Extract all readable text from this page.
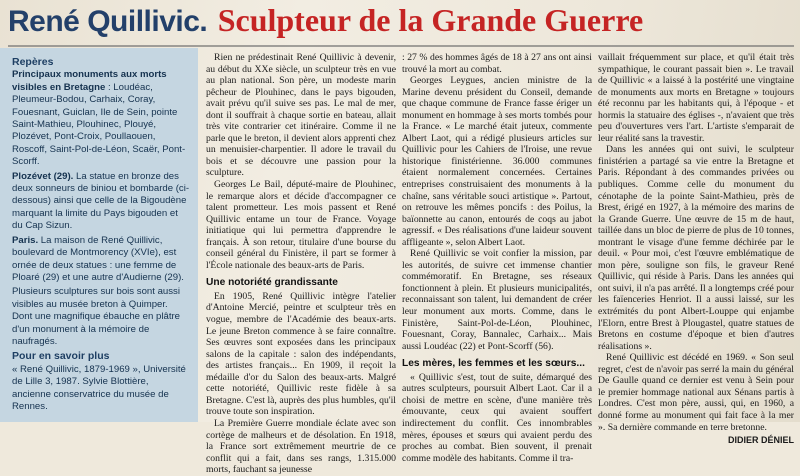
René Quillivic. Sculpteur de la Grande Guerre
Repères

Principaux monuments aux morts visibles en Bretagne : Loudéac, Pleumeur-Bodou, Carhaix, Coray, Fouesnant, Guiclan, Ile de Sein, pointe Saint-Mathieu, Plouhinec, Plouyé, Plozévet, Pont-Croix, Poullaouen, Roscoff, Saint-Pol-de-Léon, Scaër, Pont-Scorff.

Plozévet (29). La statue en bronze des deux sonneurs de biniou et bombarde (ci-dessous) ainsi que celle de la Bigoudène marquant la limite du Pays bigouden et du Cap Sizun.

Paris. La maison de René Quillivic, boulevard de Montmorency (XVIe), est ornée de deux statues : une femme de Ploaré (29) et une autre d'Audierne (29).

Plusieurs sculptures sur bois sont aussi visibles au musée breton à Quimper. Dont une magnifique ébauche en plâtre d'un monument à la mémoire de naufragés.

Pour en savoir plus

« René Quillivic, 1879-1969 », Université de Lille 3, 1987. Sylvie Blottière, ancienne conservatrice du musée de Rennes.

Rien ne prédestinait René Quillivic à devenir, au début du XXe siècle, un sculpteur très en vue au plan national. Son père, un modeste marin pêcheur de Plouhinec, dans le pays bigouden, avait prévu qu'il suive ses pas. Le mal de mer, dont il souffrait à chaque sortie en bateau, allait très vite contrarier cet itinéraire. Comme il ne parle que le breton, il devient alors apprenti chez un menuisier-charpentier. Il adore le travail du bois et se découvre une passion pour la sculpture.

Georges Le Bail, député-maire de Plouhinec, le remarque alors et décide d'accompagner ce talent prometteur. Les mois passent et René Quillivic entame un tour de France. Voyage initiatique qui lui permettra d'apprendre le français. À son retour, titulaire d'une bourse du conseil général du Finistère, il part se former à l'École nationale des beaux-arts de Paris.

Une notoriété grandissante

En 1905, René Quillivic intègre l'atelier d'Antoine Mercié, peintre et sculpteur très en vogue, membre de l'Académie des beaux-arts. Le jeune Breton commence à se faire connaître. Ses œuvres sont exposées dans les principaux salons de la capitale : salon des indépendants, des artistes français... En 1909, il reçoit la médaille d'or du Salon des beaux-arts. Malgré cette notoriété, Quillivic reste fidèle à sa Bretagne. C'est là, auprès des plus humbles, qu'il trouve toute son inspiration.

La Première Guerre mondiale éclate avec son cortège de malheurs et de désolation. En 1918, la France sort extrêmement meurtrie de ce conflit qui a fait, dans ses rangs, 1.315.000 morts, fauchant sa jeunesse

: 27 % des hommes âgés de 18 à 27 ans ont ainsi trouvé la mort au combat.

Georges Leygues, ancien ministre de la Marine devenu président du Conseil, demande que chaque commune de France fasse ériger un monument en hommage à ses morts tombés pour la France. « Le marché était juteux, commente Albert Laot, qui a rédigé plusieurs articles sur Quillivic pour les Cahiers de l'Iroise, une revue historique finistérienne. 36.000 communes étaient normalement concernées. Certaines entreprises construisaient des monuments à la chaîne, sans véritable souci artistique ». Partout, on retrouve les mêmes poncifs : des Poilus, la baïonnette au canon, entourés de coqs au jabot agressif. « Des réalisations d'une laideur souvent affligeante », selon Albert Laot.

René Quillivic se voit confier la mission, par les autorités, de suivre cet immense chantier commémoratif. En Bretagne, ses réseaux fonctionnent à plein. Et plusieurs municipalités, reconnaissant son talent, lui demandent de créer leur monument aux morts. Comme, dans le Finistère, Saint-Pol-de-Léon, Plouhinec, Fouesnant, Coray, Bannalec, Carhaix... Mais aussi Loudéac (22) et Pont-Scorff (56).

Les mères, les femmes et les sœurs...

« Quillivic s'est, tout de suite, démarqué des autres sculpteurs, poursuit Albert Laot. Car il a choisi de mettre en scène, d'une manière très émouvante, ceux qui avaient souffert indirectement du conflit. Ces innombrables mères, épouses et sœurs qui avaient perdu des proches au combat. Bien souvent, il prenait comme modèle des habitants. Comme il tra-

vaillait fréquemment sur place, et qu'il était très sympathique, le courant passait bien ». Le travail de Quillivic « a laissé à la postérité une vingtaine de monuments aux morts en Bretagne » toujours été reconnu par les habitants qui, à l'époque - et hormis la statuaire des églises -, n'avaient que très peu d'ouvertures vers l'art. L'artiste s'emparait de leur réalité sans la travestir.

Dans les années qui ont suivi, le sculpteur finistérien a partagé sa vie entre la Bretagne et Paris. Répondant à des commandes privées ou publiques. Comme celle du monument du cénotaphe de la pointe Saint-Mathieu, près de Brest, érigé en 1927, à la mémoire des marins de la Grande Guerre. Une œuvre de 15 m de haut, taillée dans un bloc de pierre de plus de 10 tonnes, montrant le visage d'une femme déchirée par le deuil. « Pour moi, c'est l'œuvre emblématique de mon père, souligne son fils, le graveur René Quillivic, qui réside à Paris. Dans les années qui ont suivi, il n'a pas arrêté. Il a longtemps créé pour les faïenceries Henriot. Il a aussi laissé, sur les extrémités du pont Albert-Louppe qui enjambe l'Elorn, entre Brest à Plougastel, quatre statues de Bretons en costume d'époque et bien d'autres réalisations ».

René Quillivic est décédé en 1969. « Son seul regret, c'est de n'avoir pas serré la main du général De Gaulle quand ce dernier est venu à Sein pour le premier hommage national aux Sénans partis à Londres. C'est mon père, aussi, qui, en 1960, a donné forme au monument qui fait face à la mer ». Sa dernière commande en terre bretonne.

DIDIER DÉNIEL
